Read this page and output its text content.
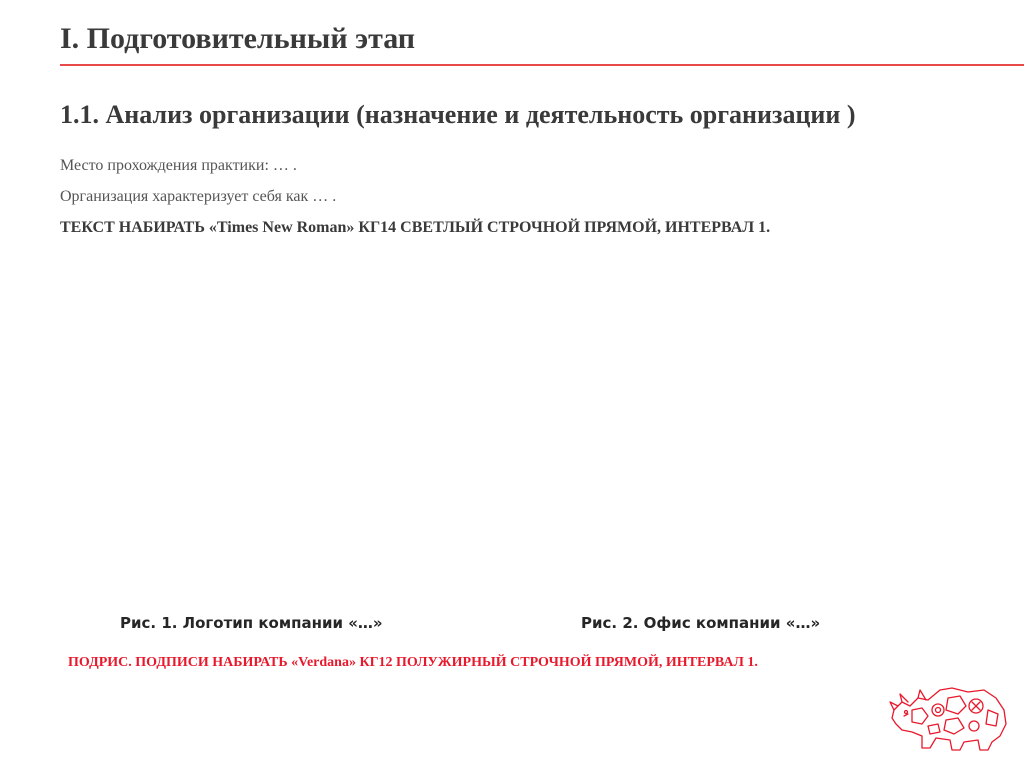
I. Подготовительный этап
1.1. Анализ организации (назначение и деятельность организации )
Место прохождения практики: … .
Организация характеризует себя как … .
ТЕКСТ НАБИРАТЬ «Times New Roman» КГ14 СВЕТЛЫЙ СТРОЧНОЙ ПРЯМОЙ, ИНТЕРВАЛ 1.
Рис. 1. Логотип компании «…»	Рис. 2. Офис компании «…»
ПОДРИС. ПОДПИСИ НАБИРАТЬ «Verdana» КГ12 ПОЛУЖИРНЫЙ СТРОЧНОЙ ПРЯМОЙ, ИНТЕРВАЛ 1.
